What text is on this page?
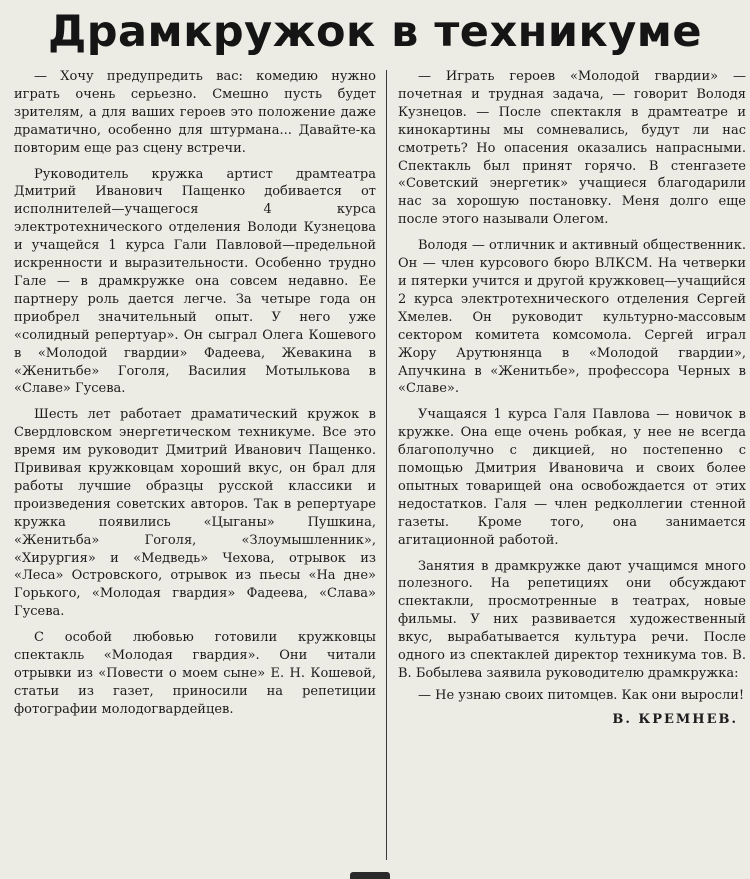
Драмкружок в техникуме

— Хочу предупредить вас: комедию нужно играть очень серьезно. Смешно пусть будет зрителям, а для ваших героев это положение даже драматично, особенно для штурмана... Давайте-ка повторим еще раз сцену встречи.

Руководитель кружка артист драмтеатра Дмитрий Иванович Пащенко добивается от исполнителей—учащегося 4 курса электротехнического отделения Володи Кузнецова и учащейся 1 курса Гали Павловой—предельной искренности и выразительности. Особенно трудно Гале — в драмкружке она совсем недавно. Ее партнеру роль дается легче. За четыре года он приобрел значительный опыт. У него уже «солидный репертуар». Он сыграл Олега Кошевого в «Молодой гвардии» Фадеева, Жевакина в «Женитьбе» Гоголя, Василия Мотылькова в «Славе» Гусева.

Шесть лет работает драматический кружок в Свердловском энергетическом техникуме. Все это время им руководит Дмитрий Иванович Пащенко. Прививая кружковцам хороший вкус, он брал для работы лучшие образцы русской классики и произведения советских авторов. Так в репертуаре кружка появились «Цыганы» Пушкина, «Женитьба» Гоголя, «Злоумышленник», «Хирургия» и «Медведь» Чехова, отрывок из «Леса» Островского, отрывок из пьесы «На дне» Горького, «Молодая гвардия» Фадеева, «Слава» Гусева.

С особой любовью готовили кружковцы спектакль «Молодая гвардия». Они читали отрывки из «Повести о моем сыне» Е. Н. Кошевой, статьи из газет, приносили на репетиции фотографии молодогвардейцев.

— Играть героев «Молодой гвардии» — почетная и трудная задача, — говорит Володя Кузнецов. — После спектакля в драмтеатре и кинокартины мы сомневались, будут ли нас смотреть? Но опасения оказались напрасными. Спектакль был принят горячо. В стенгазете «Советский энергетик» учащиеся благодарили нас за хорошую постановку. Меня долго еще после этого называли Олегом.

Володя — отличник и активный общественник. Он — член курсового бюро ВЛКСМ. На четверки и пятерки учится и другой кружковец—учащийся 2 курса электротехнического отделения Сергей Хмелев. Он руководит культурно-массовым сектором комитета комсомола. Сергей играл Жору Арутюнянца в «Молодой гвардии», Апучкина в «Женитьбе», профессора Черных в «Славе».

Учащаяся 1 курса Галя Павлова — новичок в кружке. Она еще очень робкая, у нее не всегда благополучно с дикцией, но постепенно с помощью Дмитрия Ивановича и своих более опытных товарищей она освобождается от этих недостатков. Галя — член редколлегии стенной газеты. Кроме того, она занимается агитационной работой.

Занятия в драмкружке дают учащимся много полезного. На репетициях они обсуждают спектакли, просмотренные в театрах, новые фильмы. У них развивается художественный вкус, вырабатывается культура речи. После одного из спектаклей директор техникума тов. В. В. Бобылева заявила руководителю драмкружка:

— Не узнаю своих питомцев. Как они выросли!

В. КРЕМНЕВ.
